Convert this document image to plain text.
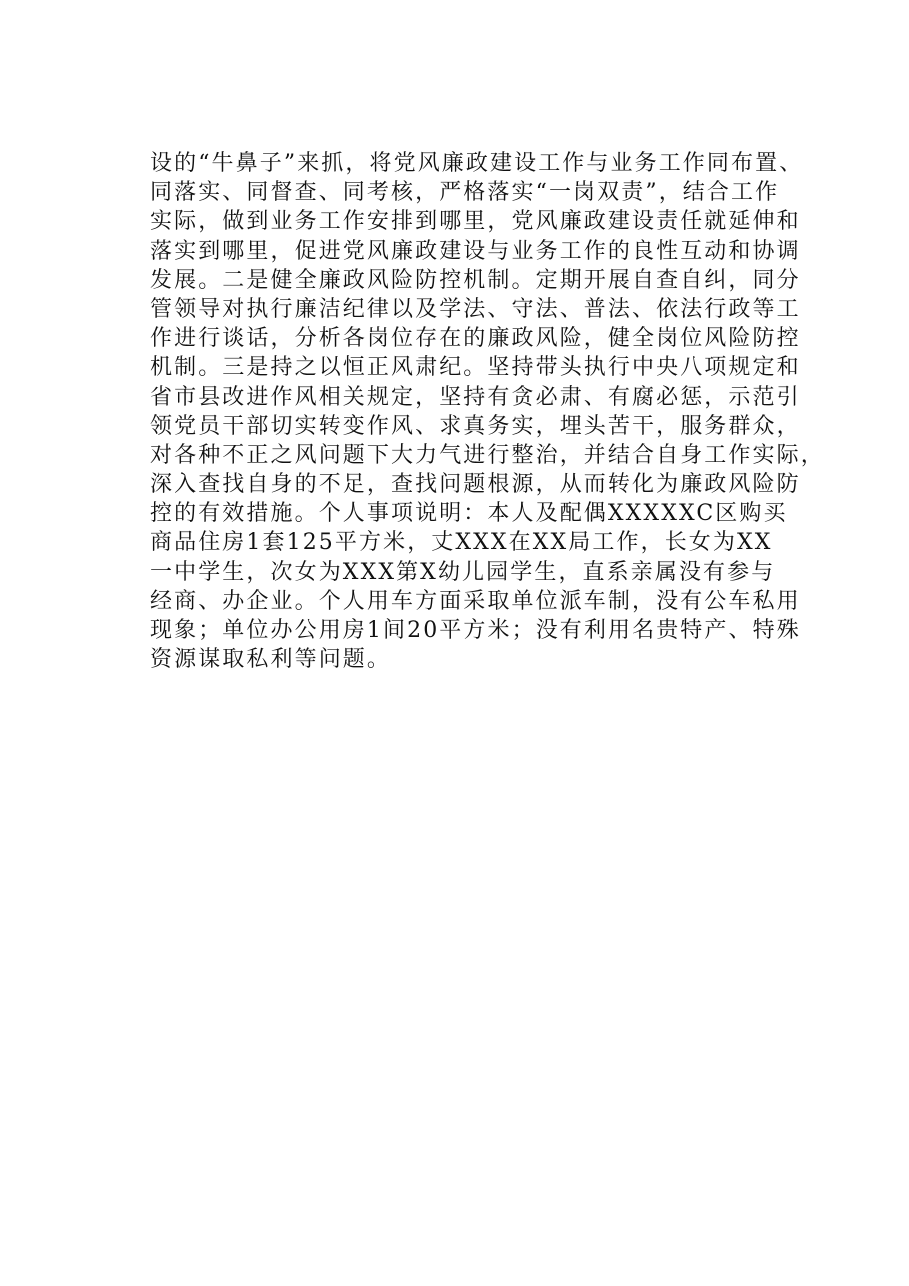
设的“牛鼻子”来抓，将党风廉政建设工作与业务工作同布置、
同落实、同督查、同考核，严格落实“一岗双责”，结合工作
实际，做到业务工作安排到哪里，党风廉政建设责任就延伸和
落实到哪里，促进党风廉政建设与业务工作的良性互动和协调
发展。二是健全廉政风险防控机制。定期开展自查自纠，同分
管领导对执行廉洁纪律以及学法、守法、普法、依法行政等工
作进行谈话，分析各岗位存在的廉政风险，健全岗位风险防控
机制。三是持之以恒正风肃纪。坚持带头执行中央八项规定和
省市县改进作风相关规定，坚持有贪必肃、有腐必惩，示范引
领党员干部切实转变作风、求真务实，埋头苦干，服务群众，
对各种不正之风问题下大力气进行整治，并结合自身工作实际，
深入查找自身的不足，查找问题根源，从而转化为廉政风险防
控的有效措施。个人事项说明：本人及配偶XXXXXC区购买
商品住房1套125平方米，丈XXX在XX局工作，长女为XX
一中学生，次女为XXX第X幼儿园学生，直系亲属没有参与
经商、办企业。个人用车方面采取单位派车制，没有公车私用
现象；单位办公用房1间20平方米；没有利用名贵特产、特殊
资源谋取私利等问题。
